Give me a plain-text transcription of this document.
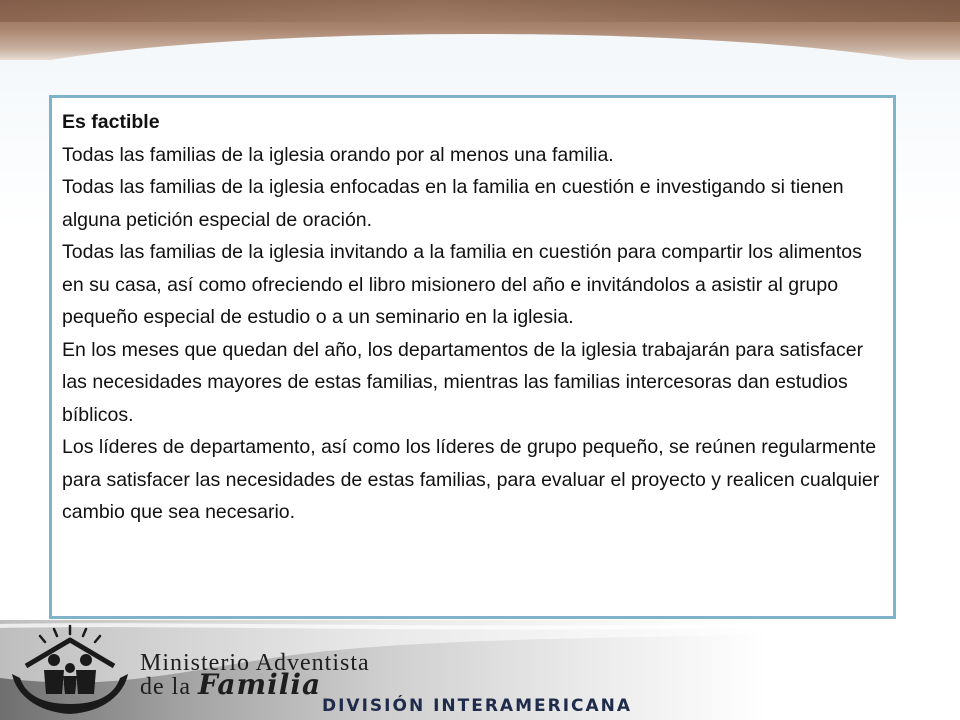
Es factible

Todas las familias de la iglesia orando por al menos una familia.

Todas las familias de la iglesia enfocadas en la familia en cuestión e investigando si tienen alguna petición especial de oración.

Todas las familias de la iglesia invitando a la familia en cuestión para compartir los alimentos en su casa, así como ofreciendo el libro misionero del año e invitándolos a asistir al grupo pequeño especial de estudio o a un seminario en la iglesia.

En los meses que quedan del año, los departamentos de la iglesia trabajarán para satisfacer las necesidades mayores de estas familias, mientras las familias intercesoras dan estudios bíblicos.

Los líderes de departamento, así como los líderes de grupo pequeño, se reúnen regularmente para satisfacer las necesidades de estas familias, para evaluar el proyecto y realicen cualquier cambio que sea necesario.

Ministerio Adventista
de la Familia
DIVISIÓN INTERAMERICANA
